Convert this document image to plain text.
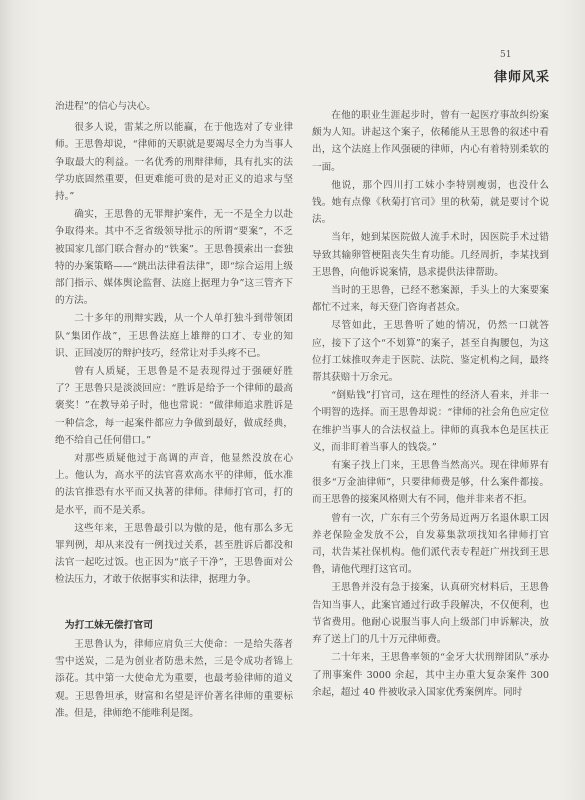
51
律师风采

治进程”的信心与决心。

很多人说，雷某之所以能赢，在于他选对了专业律师。王思鲁却说，“律师的天职就是要竭尽全力为当事人争取最大的利益。一名优秀的刑辩律师，具有扎实的法学功底固然重要，但更难能可贵的是对正义的追求与坚持。”

确实，王思鲁的无罪辩护案件，无一不是全力以赴争取得来。其中不乏省级领导批示的所谓“要案”，不乏被国家几部门联合督办的“铁案”。王思鲁摸索出一套独特的办案策略——“跳出法律看法律”，即“综合运用上级部门指示、媒体舆论监督、法庭上据理力争”这三管齐下的方法。

二十多年的刑辩实践，从一个人单打独斗到带领团队“集团作战”，王思鲁法庭上雄辩的口才、专业的知识、正回凌厉的辩护技巧，经常让对手头疼不已。

曾有人质疑，王思鲁是不是表现得过于强硬好胜了？王思鲁只是淡淡回应：“胜诉是给予一个律师的最高褒奖！”在教导弟子时，他也常说：“做律师追求胜诉是一种信念，每一起案件都应力争做到最好，做成经典，绝不给自己任何借口。”

对那些质疑他过于高调的声音，他显然没放在心上。他认为，高水平的法官喜欢高水平的律师，低水准的法官推恐有水平而又执著的律师。律师打官司，打的是水平，而不是关系。

这些年来，王思鲁最引以为傲的是，他有那么多无罪判例，却从来没有一例找过关系，甚至胜诉后都没和法官一起吃过饭。也正因为“底子干净”，王思鲁面对公检法压力，才敢于依据事实和法律，据理力争。

为打工妹无偿打官司

王思鲁认为，律师应肩负三大使命：一是给失落者雪中送炭，二是为创业者防患未然，三是令成功者锦上添花。其中第一大使命尤为重要，也最考验律师的道义观。王思鲁坦承，财富和名望是评价著名律师的重要标准。但是，律师绝不能唯利是图。

在他的职业生涯起步时，曾有一起医疗事故纠纷案颇为人知。讲起这个案子，依稀能从王思鲁的叙述中看出，这个法庭上作风强硬的律师，内心有着特别柔软的一面。

他说，那个四川打工妹小李特别瘦弱，也没什么钱。她有点像《秋菊打官司》里的秋菊，就是要讨个说法。

当年，她到某医院做人流手术时，因医院手术过错导致其输卵管梗阻丧失生育功能。几经周折，李某找到王思鲁，向他诉说案情，恳求提供法律帮助。

当时的王思鲁，已经不愁案源，手头上的大案要案都忙不过来，每天登门咨询者甚众。

尽管如此，王思鲁听了她的情况，仍然一口就答应，接下了这个“不划算”的案子，甚至自掏腰包，为这位打工妹推叹奔走于医院、法院、鉴定机构之间，最终帮其获赔十万余元。

“倒贴钱”打官司，这在理性的经济人看来，并非一个明智的选择。而王思鲁却说：“律师的社会角色应定位在维护当事人的合法权益上。律师的真我本色是匡扶正义，而非盯着当事人的钱袋。”

有案子找上门来，王思鲁当然高兴。现在律师界有很多“万金油律师”，只要律师费是够，什么案件都接。而王思鲁的接案风格则大有不同，他并非来者不拒。

曾有一次，广东有三个劳务局近两万名退休职工因养老保险金发放不公，自发募集款项找知名律师打官司，状告某社保机构。他们派代表专程赶广州找到王思鲁，请他代理打这官司。

王思鲁并没有急于接案，认真研究材料后，王思鲁告知当事人，此案官通过行政手段解决，不仅便利，也节省费用。他耐心说服当事人向上级部门申诉解决，放弃了送上门的几十万元律师费。

二十年来，王思鲁率领的“金牙大状刑辩团队”承办了刑事案件 3000 余起，其中主办重大复杂案件 300 余起，超过 40 件被收录入国家优秀案例库。同时
